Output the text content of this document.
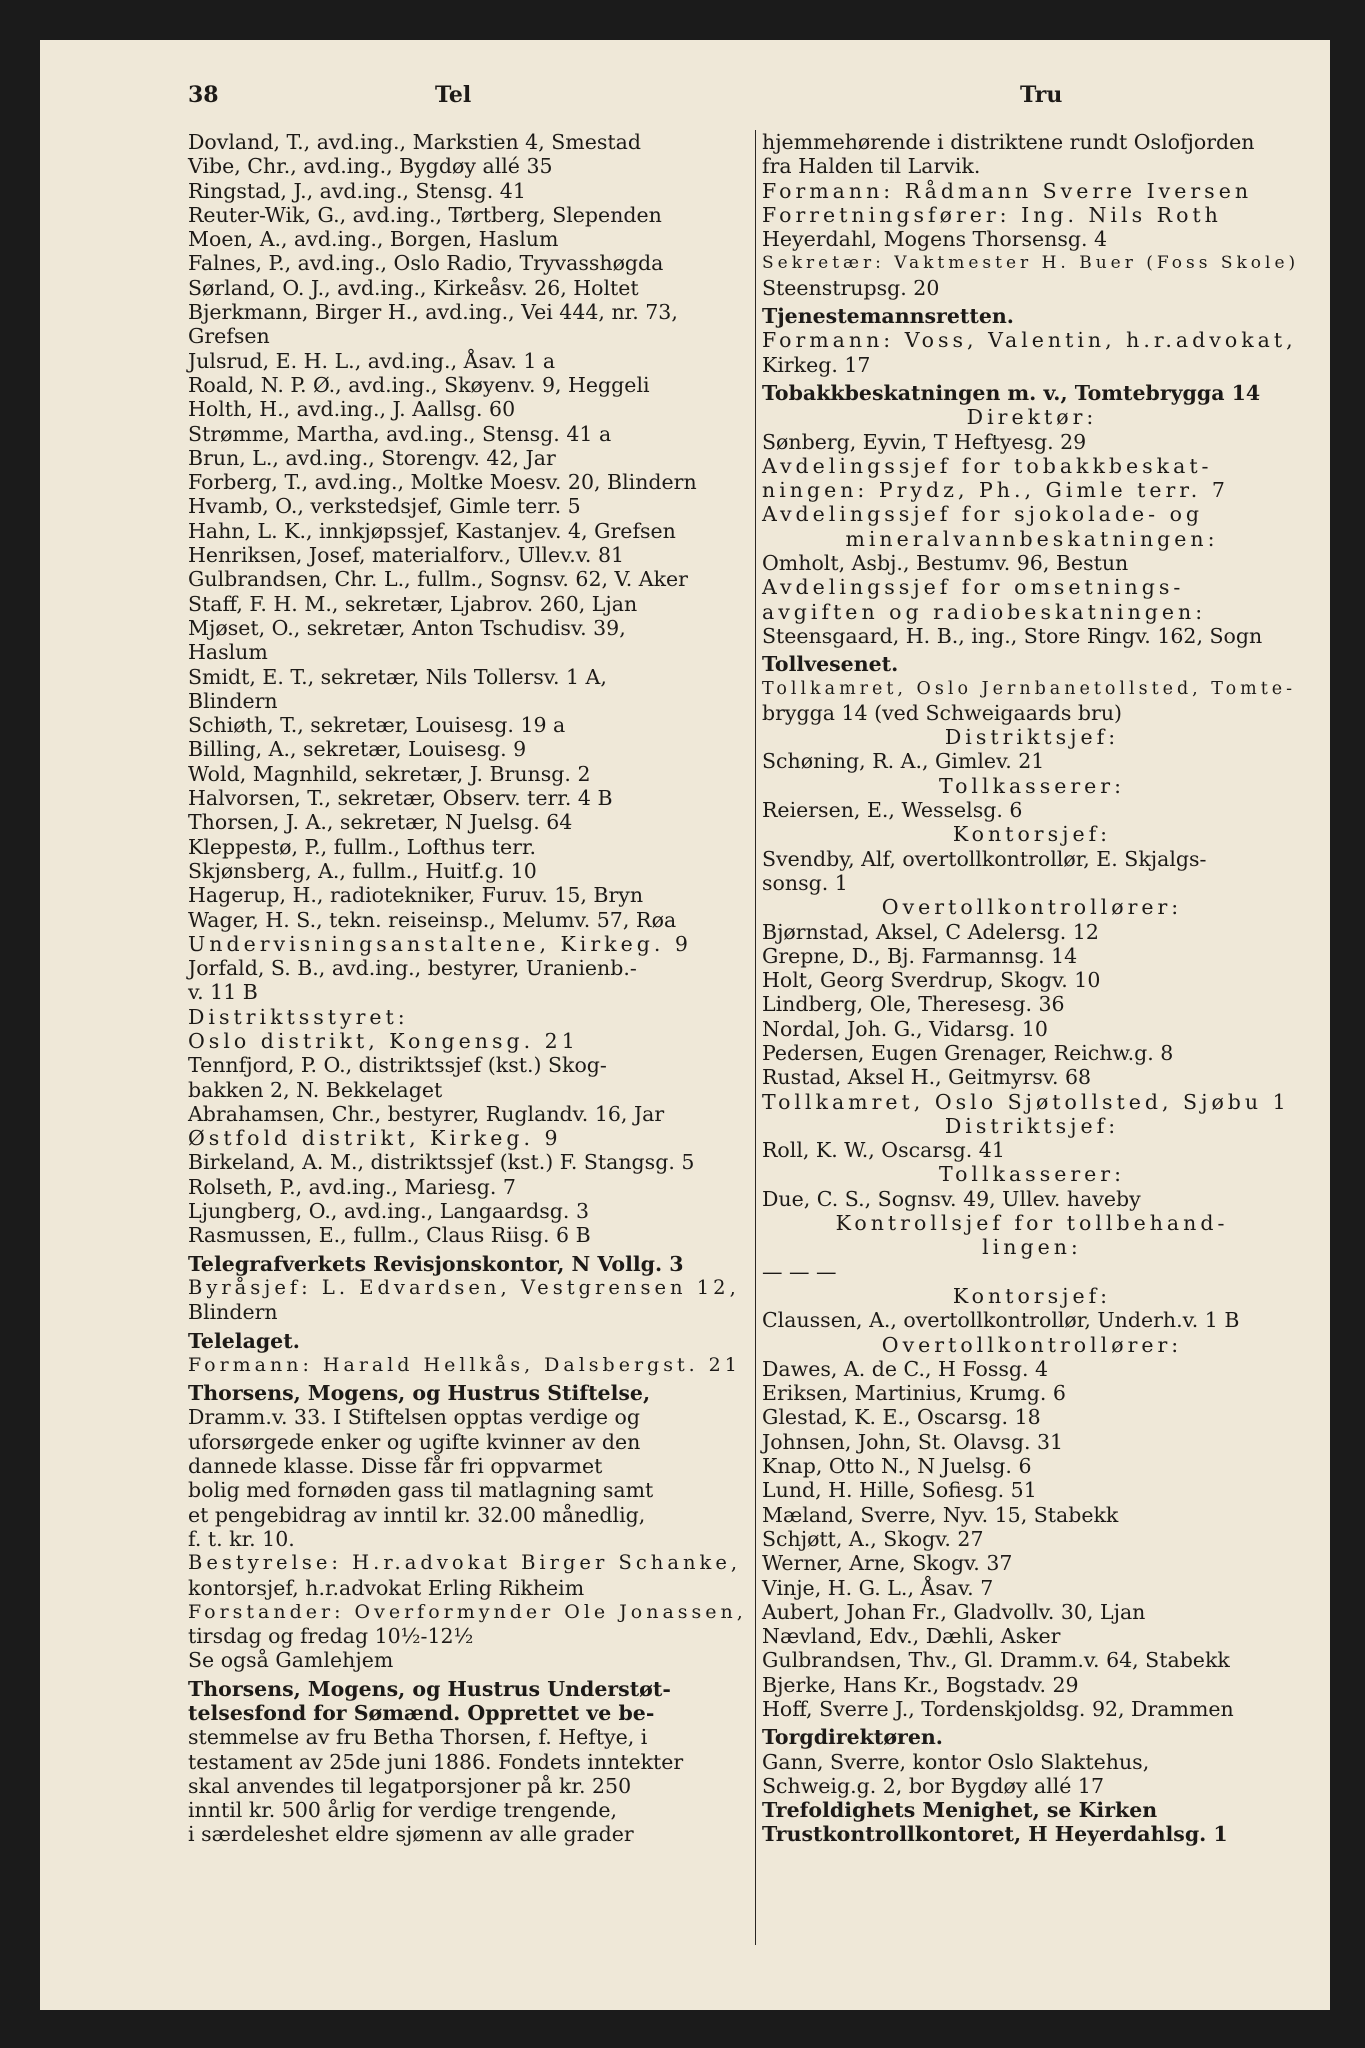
38	Tel	Tru

Dovland, T., avd.ing., Markstien 4, Smestad

Vibe, Chr., avd.ing., Bygdøy allé 35

Ringstad, J., avd.ing., Stensg. 41

Reuter-Wik, G., avd.ing., Tørtberg, Slependen

Moen, A., avd.ing., Borgen, Haslum

Falnes, P., avd.ing., Oslo Radio, Tryvasshøgda

Sørland, O. J., avd.ing., Kirkeåsv. 26, Holtet

Bjerkmann, Birger H., avd.ing., Vei 444, nr. 73,

Grefsen

Julsrud, E. H. L., avd.ing., Åsav. 1 a

Roald, N. P. Ø., avd.ing., Skøyenv. 9, Heggeli

Holth, H., avd.ing., J. Aallsg. 60

Strømme, Martha, avd.ing., Stensg. 41 a

Brun, L., avd.ing., Storengv. 42, Jar

Forberg, T., avd.ing., Moltke Moesv. 20, Blindern

Hvamb, O., verkstedsjef, Gimle terr. 5

Hahn, L. K., innkjøpssjef, Kastanjev. 4, Grefsen

Henriksen, Josef, materialforv., Ullev.v. 81

Gulbrandsen, Chr. L., fullm., Sognsv. 62, V. Aker

Staff, F. H. M., sekretær, Ljabrov. 260, Ljan

Mjøset, O., sekretær, Anton Tschudisv. 39,

Haslum

Smidt, E. T., sekretær, Nils Tollersv. 1 A,

Blindern

Schiøth, T., sekretær, Louisesg. 19 a

Billing, A., sekretær, Louisesg. 9

Wold, Magnhild, sekretær, J. Brunsg. 2

Halvorsen, T., sekretær, Observ. terr. 4 B

Thorsen, J. A., sekretær, N Juelsg. 64

Kleppestø, P., fullm., Lofthus terr.

Skjønsberg, A., fullm., Huitf.g. 10

Hagerup, H., radiotekniker, Furuv. 15, Bryn

Wager, H. S., tekn. reiseinsp., Melumv. 57, Røa

Undervisningsanstaltene, Kirkeg. 9

Jorfald, S. B., avd.ing., bestyrer, Uranienb.-

v. 11 B

Distriktsstyret:

Oslo distrikt, Kongensg. 21

Tennfjord, P. O., distriktssjef (kst.) Skog-

bakken 2, N. Bekkelaget

Abrahamsen, Chr., bestyrer, Ruglandv. 16, Jar

Østfold distrikt, Kirkeg. 9

Birkeland, A. M., distriktssjef (kst.) F. Stangsg. 5

Rolseth, P., avd.ing., Mariesg. 7

Ljungberg, O., avd.ing., Langaardsg. 3

Rasmussen, E., fullm., Claus Riisg. 6 B

Telegrafverkets Revisjonskontor, N Vollg. 3

Byråsjef: L. Edvardsen, Vestgrensen 12,

Blindern

Telelaget.

Formann: Harald Hellkås, Dalsbergst. 21

Thorsens, Mogens, og Hustrus Stiftelse,

Dramm.v. 33. I Stiftelsen opptas verdige og

uforsørgede enker og ugifte kvinner av den

dannede klasse. Disse får fri oppvarmet

bolig med fornøden gass til matlagning samt

et pengebidrag av inntil kr. 32.00 månedlig,

f. t. kr. 10.

Bestyrelse: H.r.advokat Birger Schanke,

kontorsjef, h.r.advokat Erling Rikheim

Forstander: Overformynder Ole Jonassen,

tirsdag og fredag 10½-12½

Se også Gamlehjem

Thorsens, Mogens, og Hustrus Understøt-

telsesfond for Sømænd. Opprettet ve be-

stemmelse av fru Betha Thorsen, f. Heftye, i

testament av 25de juni 1886. Fondets inntekter

skal anvendes til legatporsjoner på kr. 250

inntil kr. 500 årlig for verdige trengende,

i særdeleshet eldre sjømenn av alle grader

hjemmehørende i distriktene rundt Oslofjorden

fra Halden til Larvik.

Formann: Rådmann Sverre Iversen

Forretningsfører: Ing. Nils Roth

Heyerdahl, Mogens Thorsensg. 4

Sekretær: Vaktmester H. Buer (Foss Skole)

Steenstrupsg. 20

Tjenestemannsretten.

Formann: Voss, Valentin, h.r.advokat,

Kirkeg. 17

Tobakkbeskatningen m. v., Tomtebrygga 14

Direktør:

Sønberg, Eyvin, T Heftyesg. 29

Avdelingssjef for tobakkbeskat-

ningen: Prydz, Ph., Gimle terr. 7

Avdelingssjef for sjokolade- og

mineralvannbeskatningen:

Omholt, Asbj., Bestumv. 96, Bestun

Avdelingssjef for omsetnings-

avgiften og radiobeskatningen:

Steensgaard, H. B., ing., Store Ringv. 162, Sogn

Tollvesenet.

Tollkamret, Oslo Jernbanetollsted, Tomte-

brygga 14 (ved Schweigaards bru)

Distriktsjef:

Schøning, R. A., Gimlev. 21

Tollkasserer:

Reiersen, E., Wesselsg. 6

Kontorsjef:

Svendby, Alf, overtollkontrollør, E. Skjalgs-

sonsg. 1

Overtollkontrollører:

Bjørnstad, Aksel, C Adelersg. 12

Grepne, D., Bj. Farmannsg. 14

Holt, Georg Sverdrup, Skogv. 10

Lindberg, Ole, Theresesg. 36

Nordal, Joh. G., Vidarsg. 10

Pedersen, Eugen Grenager, Reichw.g. 8

Rustad, Aksel H., Geitmyrsv. 68

Tollkamret, Oslo Sjøtollsted, Sjøbu 1

Distriktsjef:

Roll, K. W., Oscarsg. 41

Tollkasserer:

Due, C. S., Sognsv. 49, Ullev. haveby

Kontrollsjef for tollbehand-

lingen:

— — —

Kontorsjef:

Claussen, A., overtollkontrollør, Underh.v. 1 B

Overtollkontrollører:

Dawes, A. de C., H Fossg. 4

Eriksen, Martinius, Krumg. 6

Glestad, K. E., Oscarsg. 18

Johnsen, John, St. Olavsg. 31

Knap, Otto N., N Juelsg. 6

Lund, H. Hille, Sofiesg. 51

Mæland, Sverre, Nyv. 15, Stabekk

Schjøtt, A., Skogv. 27

Werner, Arne, Skogv. 37

Vinje, H. G. L., Åsav. 7

Aubert, Johan Fr., Gladvollv. 30, Ljan

Nævland, Edv., Dæhli, Asker

Gulbrandsen, Thv., Gl. Dramm.v. 64, Stabekk

Bjerke, Hans Kr., Bogstadv. 29

Hoff, Sverre J., Tordenskjoldsg. 92, Drammen

Torgdirektøren.

Gann, Sverre, kontor Oslo Slaktehus,

Schweig.g. 2, bor Bygdøy allé 17

Trefoldighets Menighet, se Kirken

Trustkontrollkontoret, H Heyerdahlsg. 1
